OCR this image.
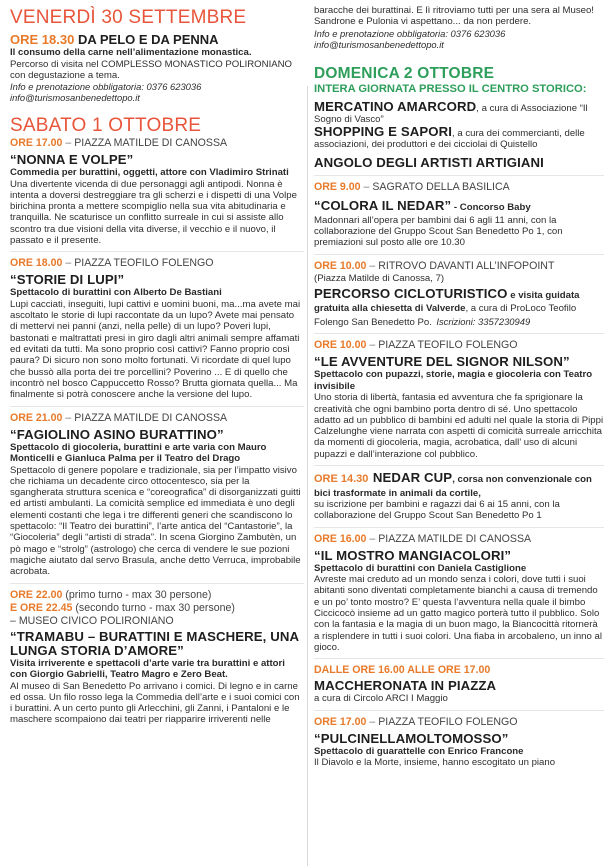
VENERDÌ 30 SETTEMBRE
ORE 18.30 DA PELO E DA PENNA
Il consumo della carne nell’alimentazione monastica.
Percorso di visita nel COMPLESSO MONASTICO POLIRONIANO con degustazione a tema.
Info e prenotazione obbligatoria: 0376 623036
info@turismosanbenedettopo.it
SABATO 1 OTTOBRE
ORE 17.00 – PIAZZA MATILDE DI CANOSSA
“NONNA E VOLPE”
Commedia per burattini, oggetti, attore con Vladimiro Strinati
Una divertente vicenda di due personaggi agli antipodi. Nonna è intenta a doversi destreggiare tra gli scherzi e i dispetti di una Volpe birichina pronta a mettere scompiglio nella sua vita abitudinaria e tranquilla. Ne scaturisce un conflitto surreale in cui si assiste allo scontro tra due visioni della vita diverse, il vecchio e il nuovo, il passato e il presente.
ORE 18.00 – PIAZZA TEOFILO FOLENGO
“STORIE DI LUPI”
Spettacolo di burattini con Alberto De Bastiani
Lupi cacciati, inseguiti, lupi cattivi e uomini buoni, ma...ma avete mai ascoltato le storie di lupi raccontate da un lupo? Avete mai pensato di mettervi nei panni (anzi, nella pelle) di un lupo? Poveri lupi, bastonati e maltrattati presi in giro dagli altri animali sempre affamati ed evitati da tutti. Ma sono proprio così cattivi? Fanno proprio così paura? Di sicuro non sono molto fortunati. Vi ricordate di quel lupo che bussò alla porta dei tre porcellini? Poverino ... E di quello che incontrò nel bosco Cappuccetto Rosso? Brutta giornata quella... Ma finalmente si potrà conoscere anche la versione del lupo.
ORE 21.00 – PIAZZA MATILDE DI CANOSSA
“FAGIOLINO ASINO BURATTINO”
Spettacolo di giocoleria, burattini e arte varia con Mauro Monticelli e Gianluca Palma per il Teatro del Drago
Spettacolo di genere popolare e tradizionale, sia per l’impatto visivo che richiama un decadente circo ottocentesco, sia per la sgangherata struttura scenica e “coreografica” di disorganizzati guitti ed artisti ambulanti. La comicità semplice ed immediata è uno degli elementi costanti che lega i tre differenti generi che scandiscono lo spettacolo: “Il Teatro dei burattini”, l’arte antica del “Cantastorie”, la “Giocoleria” degli “artisti di strada”. In scena Giorgino Zambutèn, un pò mago e “strolg” (astrologo) che cerca di vendere le sue pozioni magiche aiutato dal servo Brasula, anche detto Verruca, improbabile acrobata.
ORE 22.00 (primo turno - max 30 persone)
E ORE 22.45 (secondo turno - max 30 persone)
– MUSEO CIVICO POLIRONIANO
“TRAMABU – BURATTINI E MASCHERE, UNA LUNGA STORIA D’AMORE”
Visita irriverente e spettacoli d’arte varie tra burattini e attori con Giorgio Gabrielli, Teatro Magro e Zero Beat.
Al museo di San Benedetto Po arrivano i comici. Di legno e in carne ed ossa. Un filo rosso lega la Commedia dell’arte e i suoi comici con i burattini. A un certo punto gli Arlecchini, gli Zanni, i Pantaloni e le maschere scompaiono dai teatri per riapparire irriverenti nelle
baracche dei burattinai. E lì ritroviamo tutti per una sera al Museo! Sandrone e Pulonia vi aspettano... da non perdere.
Info e prenotazione obbligatoria: 0376 623036
info@turismosanbenedettopo.it
DOMENICA 2 OTTOBRE
INTERA GIORNATA PRESSO IL CENTRO STORICO:
MERCATINO AMARCORD, a cura di Associazione “Il Sogno di Vasco”
SHOPPING E SAPORI, a cura dei commercianti, delle associazioni, dei produttori e dei cicciolai di Quistello
ANGOLO DEGLI ARTISTI ARTIGIANI
ORE 9.00 – SAGRATO DELLA BASILICA
“COLORA IL NEDAR” - Concorso Baby
Madonnari all’opera per bambini dai 6 agli 11 anni, con la collaborazione del Gruppo Scout San Benedetto Po 1, con premiazioni sul posto alle ore 10.30
ORE 10.00 – RITROVO DAVANTI ALL’INFOPOINT
(Piazza Matilde di Canossa, 7)
PERCORSO CICLOTURISTICO e visita guidata gratuita alla chiesetta di Valverde, a cura di ProLoco Teofilo Folengo San Benedetto Po. Iscrizioni: 3357230949
ORE 10.00 – PIAZZA TEOFILO FOLENGO
“LE AVVENTURE DEL SIGNOR NILSON”
Spettacolo con pupazzi, storie, magia e giocoleria con Teatro invisibile
Uno storia di libertà, fantasia ed avventura che fa sprigionare la creatività che ogni bambino porta dentro di sé. Uno spettacolo adatto ad un pubblico di bambini ed adulti nel quale la storia di Pippi Calzelunghe viene narrata con aspetti di comicità surreale arricchita da momenti di giocoleria, magia, acrobatica, dall’ uso di alcuni pupazzi e dall’interazione col pubblico.
ORE 14.30 NEDAR CUP, corsa non convenzionale con bici trasformate in animali da cortile,
su iscrizione per bambini e ragazzi dai 6 ai 15 anni, con la collaborazione del Gruppo Scout San Benedetto Po 1
ORE 16.00 – PIAZZA MATILDE DI CANOSSA
“IL MOSTRO MANGIACOLORI”
Spettacolo di burattini con Daniela Castiglione
Avreste mai creduto ad un mondo senza i colori, dove tutti i suoi abitanti sono diventati completamente bianchi a causa di tremendo e un po’ tonto mostro? E’ questa l’avventura nella quale il bimbo Ciccicocò insieme ad un gatto magico porterà tutto il pubblico. Solo con la fantasia e la magia di un buon mago, la Biancocittà ritornerà a risplendere in tutti i suoi colori. Una fiaba in arcobaleno, un inno al gioco.
DALLE ORE 16.00 ALLE ORE 17.00
MACCHERONATA IN PIAZZA
a cura di Circolo ARCI I Maggio
ORE 17.00 – PIAZZA TEOFILO FOLENGO
“PULCINELLAMOLTOMOSSO”
Spettacolo di guarattelle con Enrico Francone
Il Diavolo e la Morte, insieme, hanno escogitato un piano
